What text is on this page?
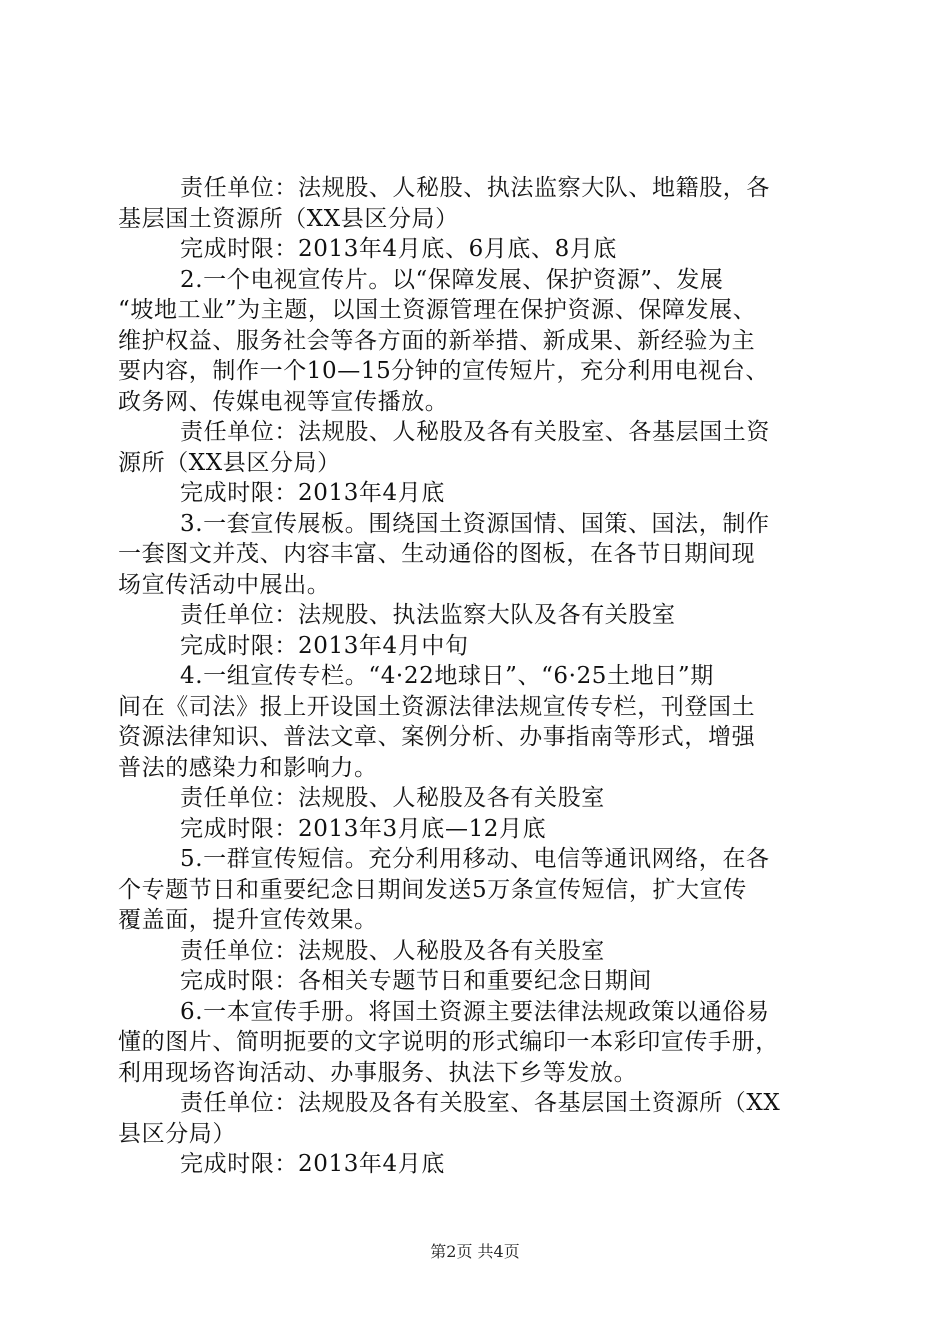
责任单位：法规股、人秘股、执法监察大队、地籍股，各
基层国土资源所（XX县区分局）
完成时限：2013年4月底、6月底、8月底
2.一个电视宣传片。以“保障发展、保护资源”、发展
“坡地工业”为主题，以国土资源管理在保护资源、保障发展、
维护权益、服务社会等各方面的新举措、新成果、新经验为主
要内容，制作一个10—15分钟的宣传短片，充分利用电视台、
政务网、传媒电视等宣传播放。
责任单位：法规股、人秘股及各有关股室、各基层国土资
源所（XX县区分局）
完成时限：2013年4月底
3.一套宣传展板。围绕国土资源国情、国策、国法，制作
一套图文并茂、内容丰富、生动通俗的图板，在各节日期间现
场宣传活动中展出。
责任单位：法规股、执法监察大队及各有关股室
完成时限：2013年4月中旬
4.一组宣传专栏。“4·22地球日”、“6·25土地日”期
间在《司法》报上开设国土资源法律法规宣传专栏，刊登国土
资源法律知识、普法文章、案例分析、办事指南等形式，增强
普法的感染力和影响力。
责任单位：法规股、人秘股及各有关股室
完成时限：2013年3月底—12月底
5.一群宣传短信。充分利用移动、电信等通讯网络，在各
个专题节日和重要纪念日期间发送5万条宣传短信，扩大宣传
覆盖面，提升宣传效果。
责任单位：法规股、人秘股及各有关股室
完成时限：各相关专题节日和重要纪念日期间
6.一本宣传手册。将国土资源主要法律法规政策以通俗易
懂的图片、简明扼要的文字说明的形式编印一本彩印宣传手册，
利用现场咨询活动、办事服务、执法下乡等发放。
责任单位：法规股及各有关股室、各基层国土资源所（XX
县区分局）
完成时限：2013年4月底
第2页 共4页
